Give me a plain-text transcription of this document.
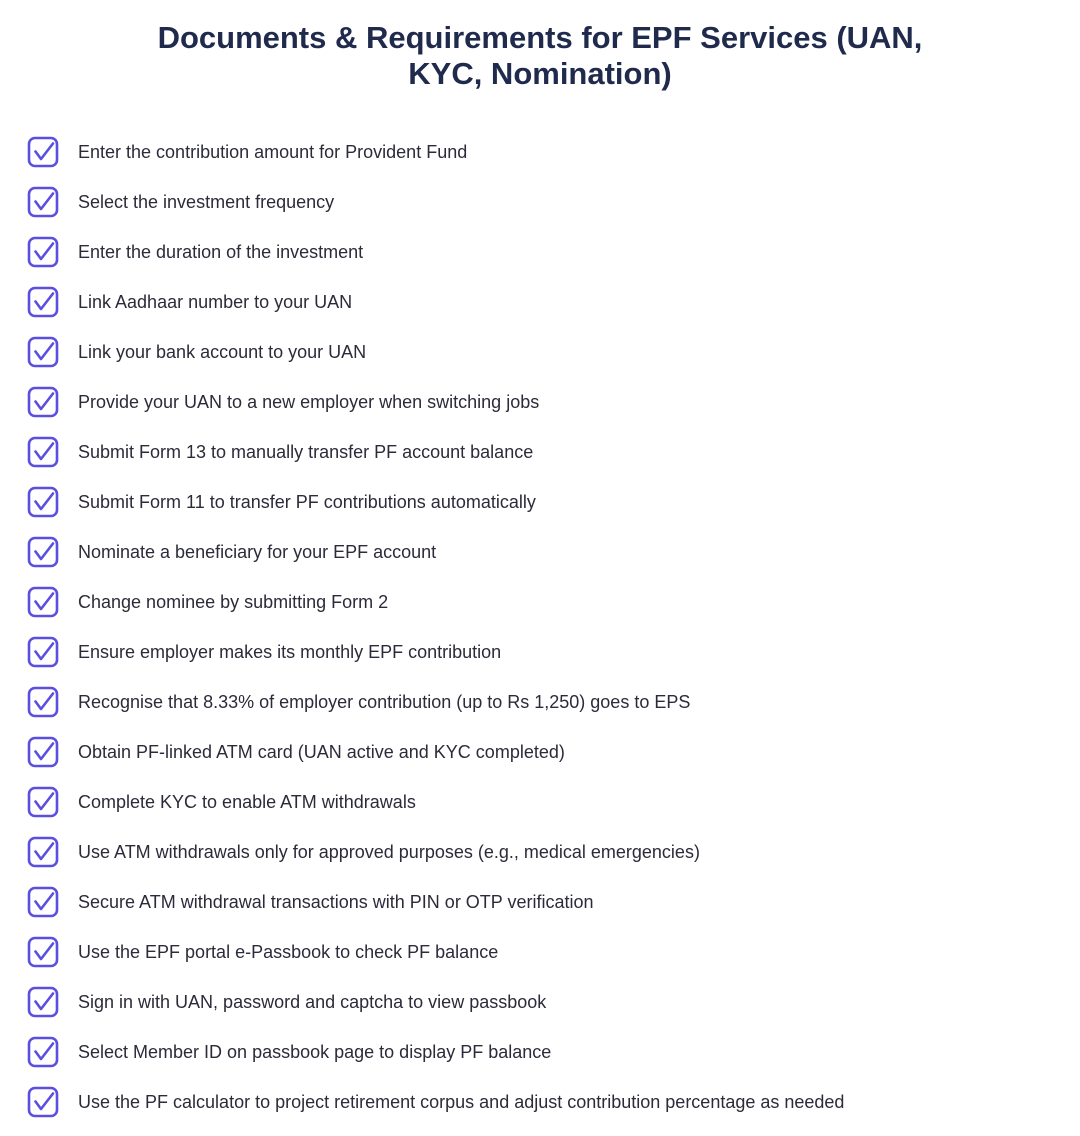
Documents & Requirements for EPF Services (UAN, KYC, Nomination)
Enter the contribution amount for Provident Fund
Select the investment frequency
Enter the duration of the investment
Link Aadhaar number to your UAN
Link your bank account to your UAN
Provide your UAN to a new employer when switching jobs
Submit Form 13 to manually transfer PF account balance
Submit Form 11 to transfer PF contributions automatically
Nominate a beneficiary for your EPF account
Change nominee by submitting Form 2
Ensure employer makes its monthly EPF contribution
Recognise that 8.33% of employer contribution (up to Rs 1,250) goes to EPS
Obtain PF-linked ATM card (UAN active and KYC completed)
Complete KYC to enable ATM withdrawals
Use ATM withdrawals only for approved purposes (e.g., medical emergencies)
Secure ATM withdrawal transactions with PIN or OTP verification
Use the EPF portal e-Passbook to check PF balance
Sign in with UAN, password and captcha to view passbook
Select Member ID on passbook page to display PF balance
Use the PF calculator to project retirement corpus and adjust contribution percentage as needed
